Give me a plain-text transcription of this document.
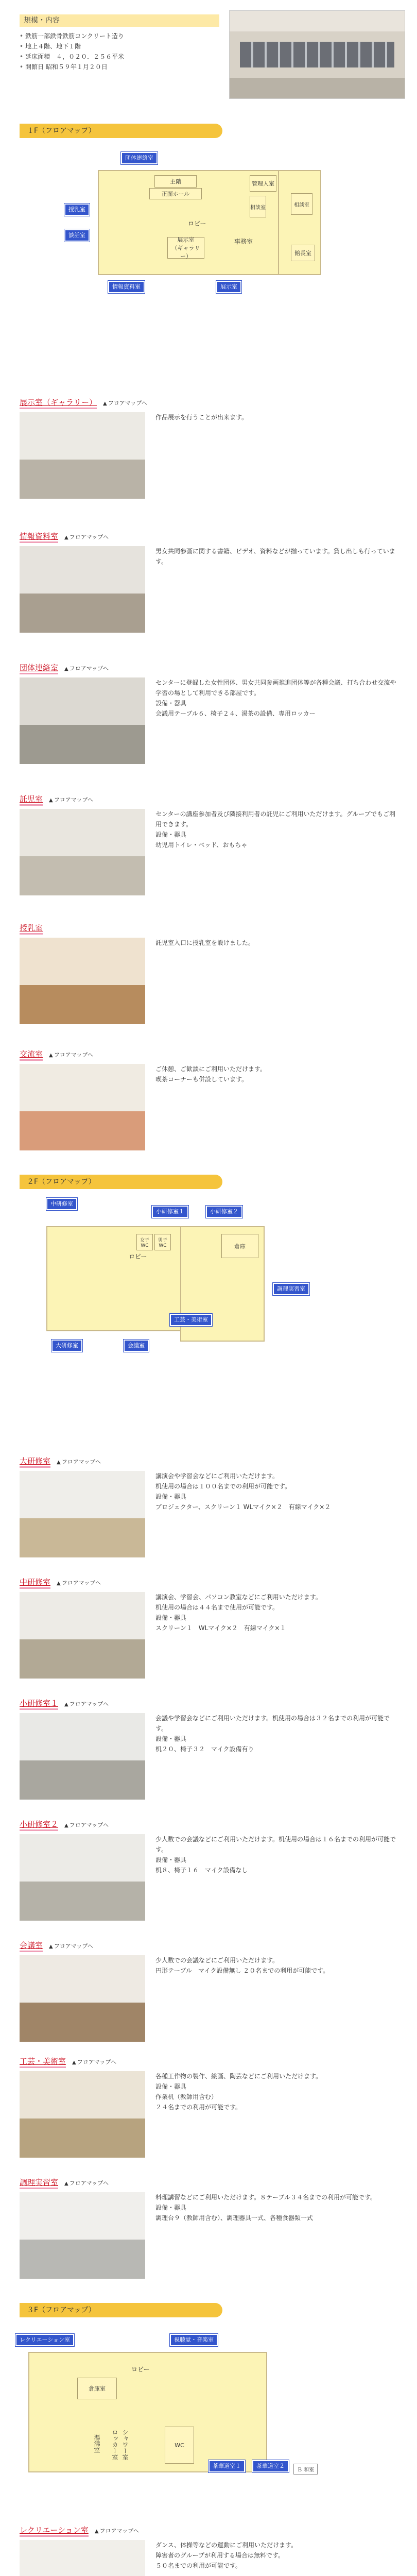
規模・内容
• 鉄筋一部鉄骨鉄筋コンクリート造り
• 地上４階、地下１階
• 延床面積　４，０２０．２５６平米
• 開館日 昭和５９年１月２０日
１F（フロアマップ）
主階
正面ホール
ロビー
展示室
（ギャラリー）
事務室
管理人室
相談室	相談室
館長室
団体連絡室
授乳室
談話室
情報資料室	展示室
展示室（ギャラリー） ▲ フロアマップへ
作品展示を行うことが出来ます。
情報資料室 ▲ フロアマップへ
男女共同参画に関する書籍、ビデオ、資料などが揃っています。貸し出しも行っています。
団体連絡室 ▲ フロアマップへ
センターに登録した女性団体、男女共同参画推進団体等が各種会議、打ち合わせ交流や学習の場として利用できる部屋です。
設備・器具
会議用テーブル６、椅子２４、湯茶の設備、専用ロッカー
託児室 ▲ フロアマップへ
センターの講座参加者及び隣接利用者の託児にご利用いただけます。グループでもご利用できます。
設備・器具
幼児用トイレ・ベッド、おもちゃ
授乳室
託児室入口に授乳室を設けました。
交流室 ▲ フロアマップへ
ご休憩、ご歓談にご利用いただけます。
喫茶コーナーも併設しています。
２F（フロアマップ）
倉庫
ロビー
女子WC
男子WC
中研修室
小研修室１	小研修室２
大研修室	会議室
工芸・美術室
調理実習室
大研修室 ▲ フロアマップへ
講演会や学習会などにご利用いただけます。
机使用の場合は１００名までの利用が可能です。
設備・器具
プロジェクター、スクリーン１ WLマイク×２　有線マイク×２
中研修室 ▲ フロアマップへ
講演会、学習会、パソコン教室などにご利用いただけます。
机使用の場合は４４名まで使用が可能です。
設備・器具
スクリーン１　WLマイク×２　有線マイク×１
小研修室１ ▲ フロアマップへ
会議や学習会などにご利用いただけます。机使用の場合は３２名までの利用が可能です。
設備・器具
机２０、椅子３２　マイク設備有り
小研修室２ ▲ フロアマップへ
少人数での会議などにご利用いただけます。机使用の場合は１６名までの利用が可能です。
設備・器具
机８、椅子１６　マイク設備なし
会議室 ▲ フロアマップへ
少人数での会議などにご利用いただけます。
円形テーブル　マイク設備無し ２０名までの利用が可能です。
工芸・美術室 ▲ フロアマップへ
各種工作物の製作、絵画、陶芸などにご利用いただけます。
設備・器具
作業机（教師用含む）
２４名までの利用が可能です。
調理実習室 ▲ フロアマップへ
料理講習などにご利用いただけます。８テーブル３４名までの利用が可能です。
設備・器具
調理台９（教師用含む）、調理器具一式、各種食器類一式
３F（フロアマップ）
倉庫室
ロビー
WC
湯沸室	シャワー室
ロッカー室
レクリエーション室	視聴覚・音楽室
茶華道室１	茶華道室２
Ｂ 和室
レクリエーション室 ▲ フロアマップへ
ダンス、体操等などの運動にご利用いただけます。
障害者のグループが利用する場合は無料です。
５０名までの利用が可能です。
